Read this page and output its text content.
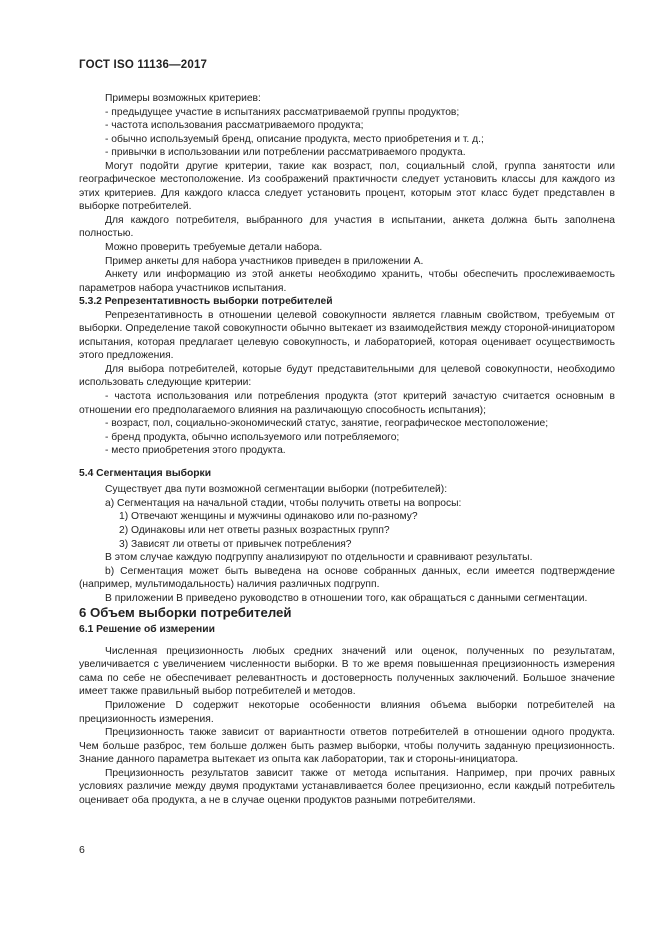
ГОСТ ISO 11136—2017

Примеры возможных критериев:

- предыдущее участие в испытаниях рассматриваемой группы продуктов;

- частота использования рассматриваемого продукта;

- обычно используемый бренд, описание продукта, место приобретения и т. д.;

- привычки в использовании или потреблении рассматриваемого продукта.

Могут подойти другие критерии, такие как возраст, пол, социальный слой, группа занятости или географическое местоположение. Из соображений практичности следует установить классы для каждого из этих критериев. Для каждого класса следует установить процент, которым этот класс будет представлен в выборке потребителей.

Для каждого потребителя, выбранного для участия в испытании, анкета должна быть заполнена полностью.

Можно проверить требуемые детали набора.

Пример анкеты для набора участников приведен в приложении А.

Анкету или информацию из этой анкеты необходимо хранить, чтобы обеспечить прослеживаемость параметров набора участников испытания.

5.3.2 Репрезентативность выборки потребителей

Репрезентативность в отношении целевой совокупности является главным свойством, требуемым от выборки. Определение такой совокупности обычно вытекает из взаимодействия между стороной-инициатором испытания, которая предлагает целевую совокупность, и лабораторией, которая оценивает осуществимость этого предложения.

Для выбора потребителей, которые будут представительными для целевой совокупности, необходимо использовать следующие критерии:

- частота использования или потребления продукта (этот критерий зачастую считается основным в отношении его предполагаемого влияния на различающую способность испытания);

- возраст, пол, социально-экономический статус, занятие, географическое местоположение;

- бренд продукта, обычно используемого или потребляемого;

- место приобретения этого продукта.

5.4 Сегментация выборки

Существует два пути возможной сегментации выборки (потребителей):

a) Сегментация на начальной стадии, чтобы получить ответы на вопросы:

1) Отвечают женщины и мужчины одинаково или по-разному?

2) Одинаковы или нет ответы разных возрастных групп?

3) Зависят ли ответы от привычек потребления?

В этом случае каждую подгруппу анализируют по отдельности и сравнивают результаты.

b) Сегментация может быть выведена на основе собранных данных, если имеется подтверждение (например, мультимодальность) наличия различных подгрупп.

В приложении В приведено руководство в отношении того, как обращаться с данными сегментации.

6 Объем выборки потребителей

6.1 Решение об измерении

Численная прецизионность любых средних значений или оценок, полученных по результатам, увеличивается с увеличением численности выборки. В то же время повышенная прецизионность измерения сама по себе не обеспечивает релевантность и достоверность полученных заключений. Большое значение имеет также правильный выбор потребителей и методов.

Приложение D содержит некоторые особенности влияния объема выборки потребителей на прецизионность измерения.

Прецизионность также зависит от вариантности ответов потребителей в отношении одного продукта. Чем больше разброс, тем больше должен быть размер выборки, чтобы получить заданную прецизионность. Знание данного параметра вытекает из опыта как лаборатории, так и стороны-инициатора.

Прецизионность результатов зависит также от метода испытания. Например, при прочих равных условиях различие между двумя продуктами устанавливается более прецизионно, если каждый потребитель оценивает оба продукта, а не в случае оценки продуктов разными потребителями.

6
